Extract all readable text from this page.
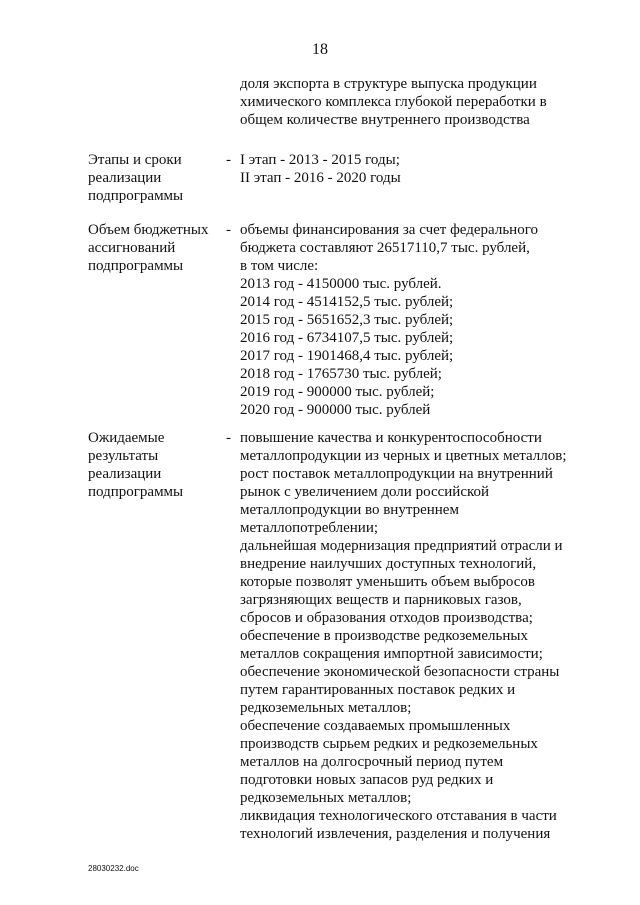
18
доля экспорта в структуре выпуска продукции
химического комплекса глубокой переработки в
общем количестве внутреннего производства
Этапы и сроки
реализации
подпрограммы
- I этап - 2013 - 2015 годы;
II этап - 2016 - 2020 годы
Объем бюджетных
ассигнований
подпрограммы
- объемы финансирования за счет федерального
бюджета составляют 26517110,7 тыс. рублей,
в том числе:
2013 год - 4150000 тыс. рублей.
2014 год - 4514152,5 тыс. рублей;
2015 год - 5651652,3 тыс. рублей;
2016 год - 6734107,5 тыс. рублей;
2017 год - 1901468,4 тыс. рублей;
2018 год - 1765730 тыс. рублей;
2019 год - 900000 тыс. рублей;
2020 год - 900000 тыс. рублей
Ожидаемые
результаты
реализации
подпрограммы
- повышение качества и конкурентоспособности
металлопродукции из черных и цветных металлов;
рост поставок металлопродукции на внутренний
рынок с увеличением доли российской
металлопродукции во внутреннем
металлопотреблении;
дальнейшая модернизация предприятий отрасли и
внедрение наилучших доступных технологий,
которые позволят уменьшить объем выбросов
загрязняющих веществ и парниковых газов,
сбросов и образования отходов производства;
обеспечение в производстве редкоземельных
металлов сокращения импортной зависимости;
обеспечение экономической безопасности страны
путем гарантированных поставок редких и
редкоземельных металлов;
обеспечение создаваемых промышленных
производств сырьем редких и редкоземельных
металлов на долгосрочный период путем
подготовки новых запасов руд редких и
редкоземельных металлов;
ликвидация технологического отставания в части
технологий извлечения, разделения и получения
28030232.doc
